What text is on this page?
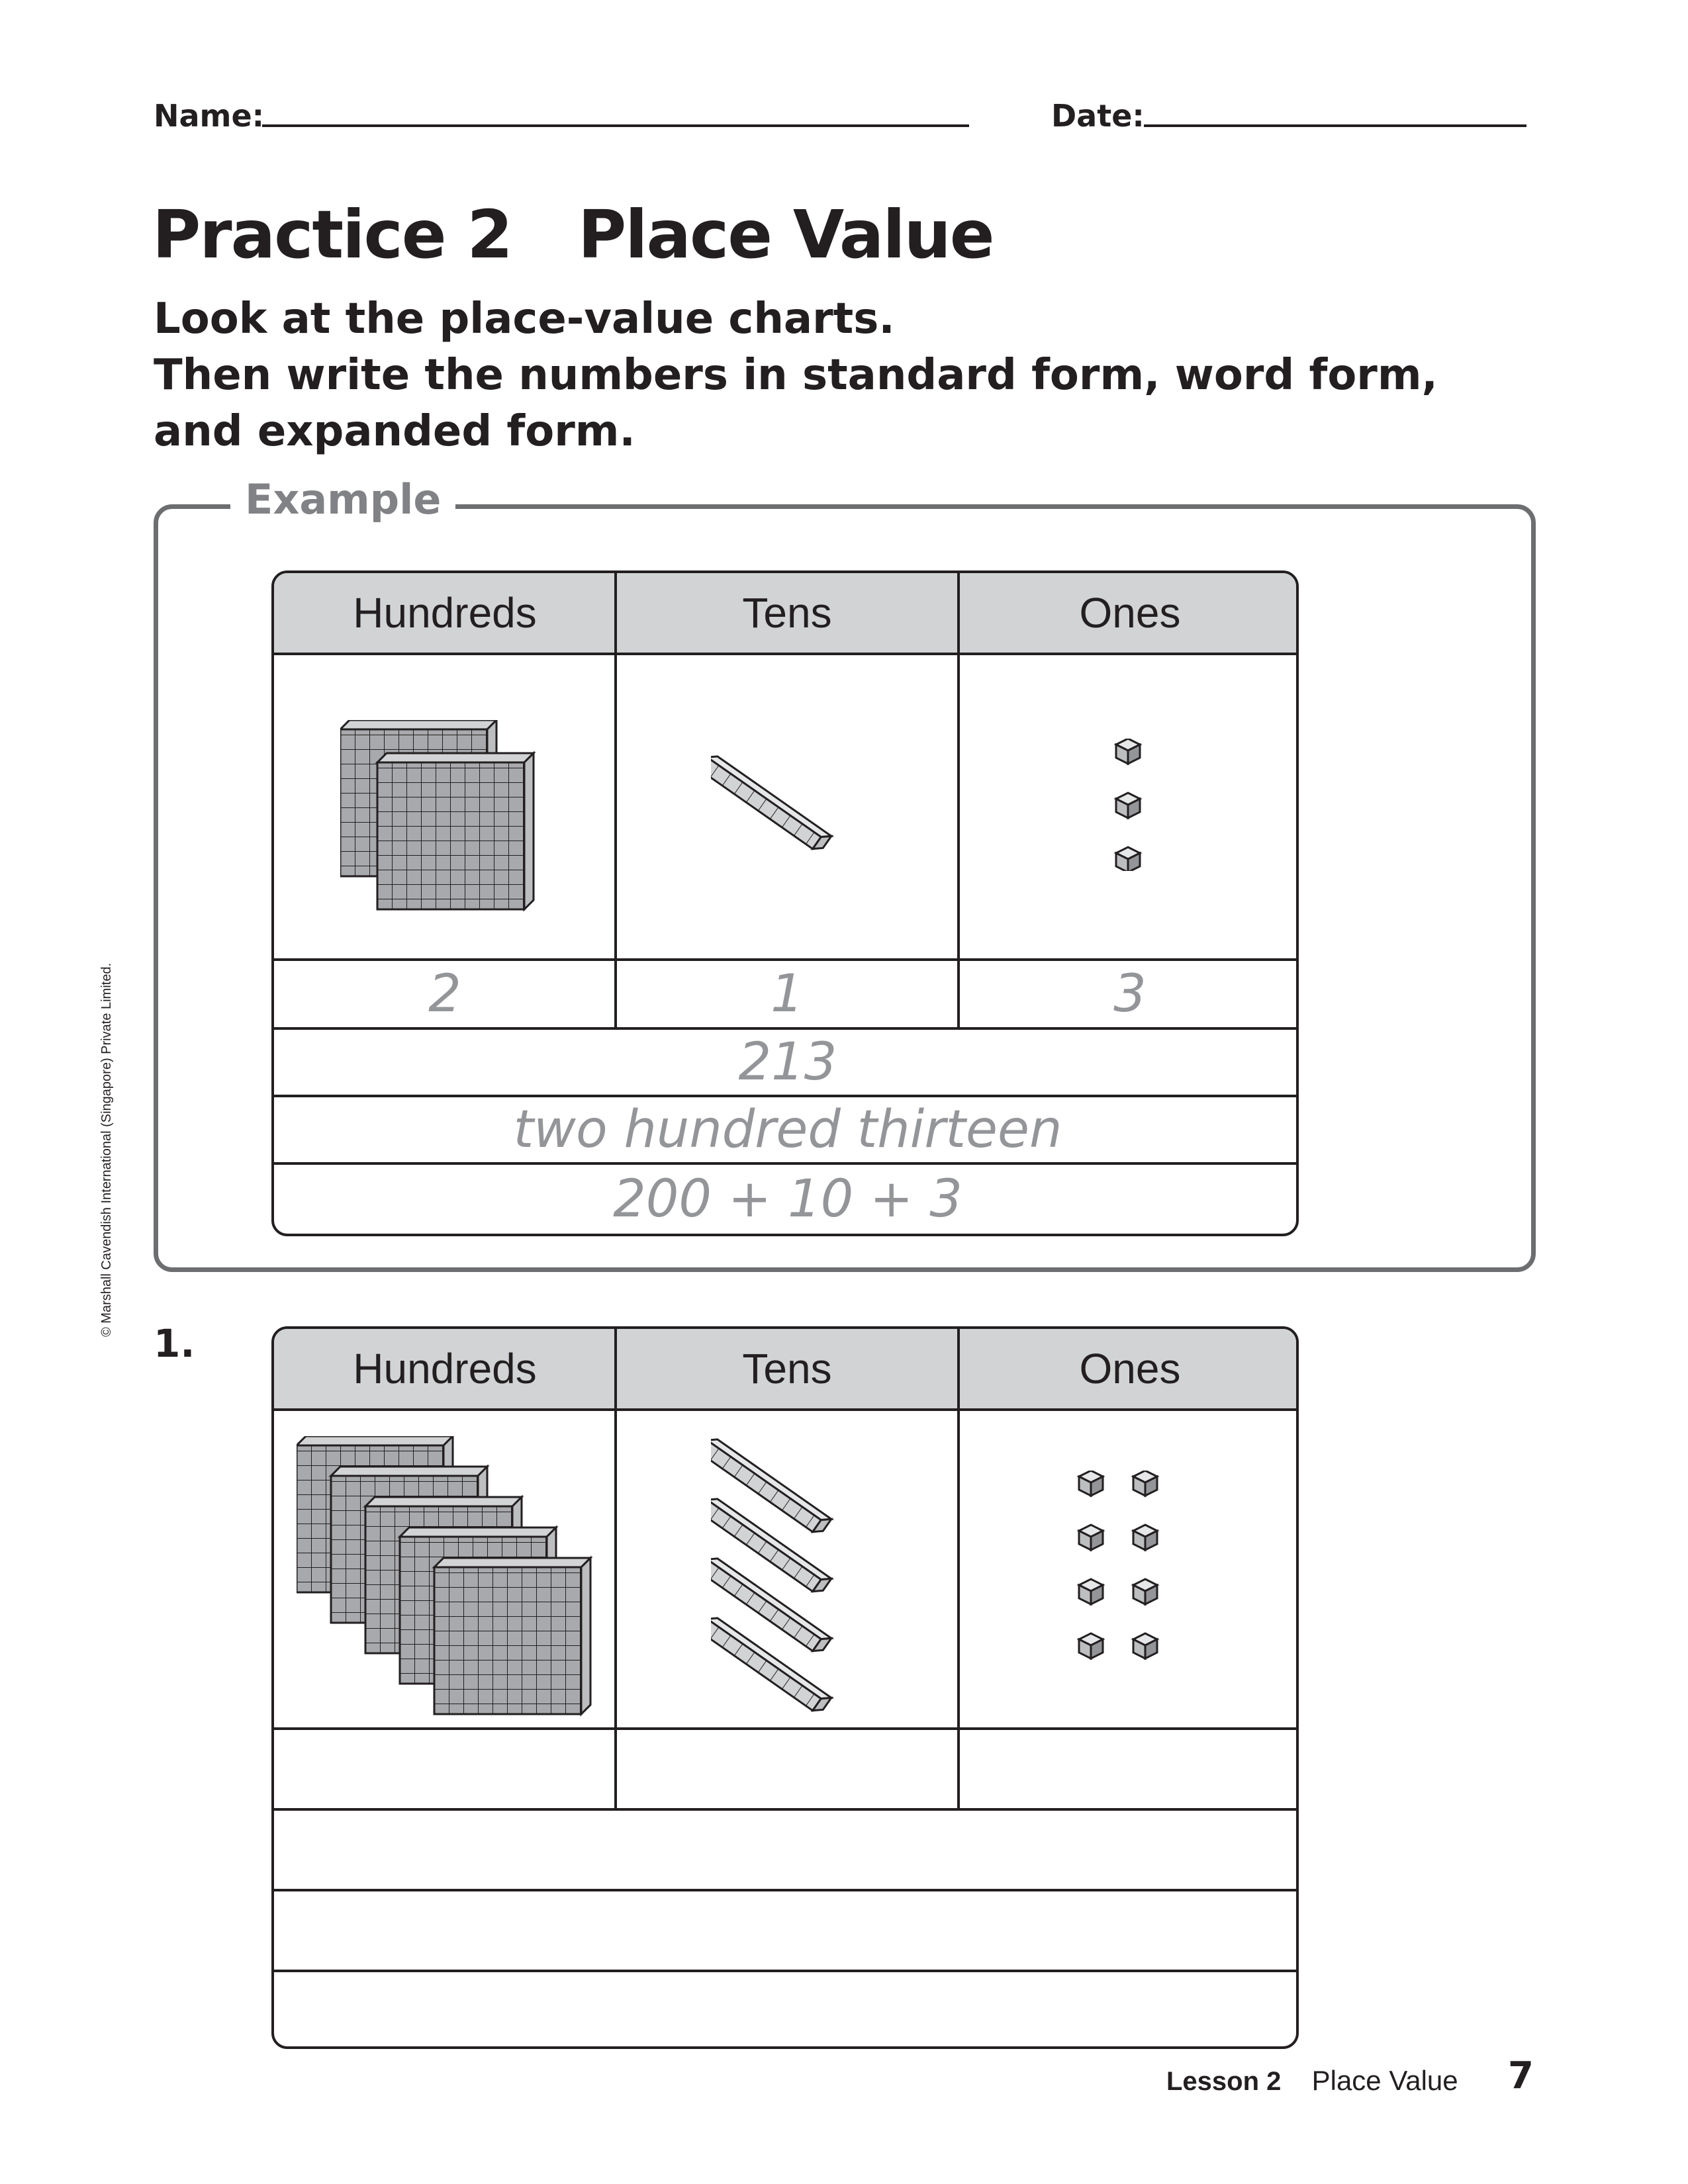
Name:	Date:
Practice 2 Place Value
Look at the place-value charts.
Then write the numbers in standard form, word form,
and expanded form.
Example
Hundreds	Tens	Ones
2	1	3
213
two hundred thirteen
200 + 10 + 3
1.
Hundreds	Tens	Ones
© Marshall Cavendish International (Singapore) Private Limited.
Lesson 2 Place Value 7
